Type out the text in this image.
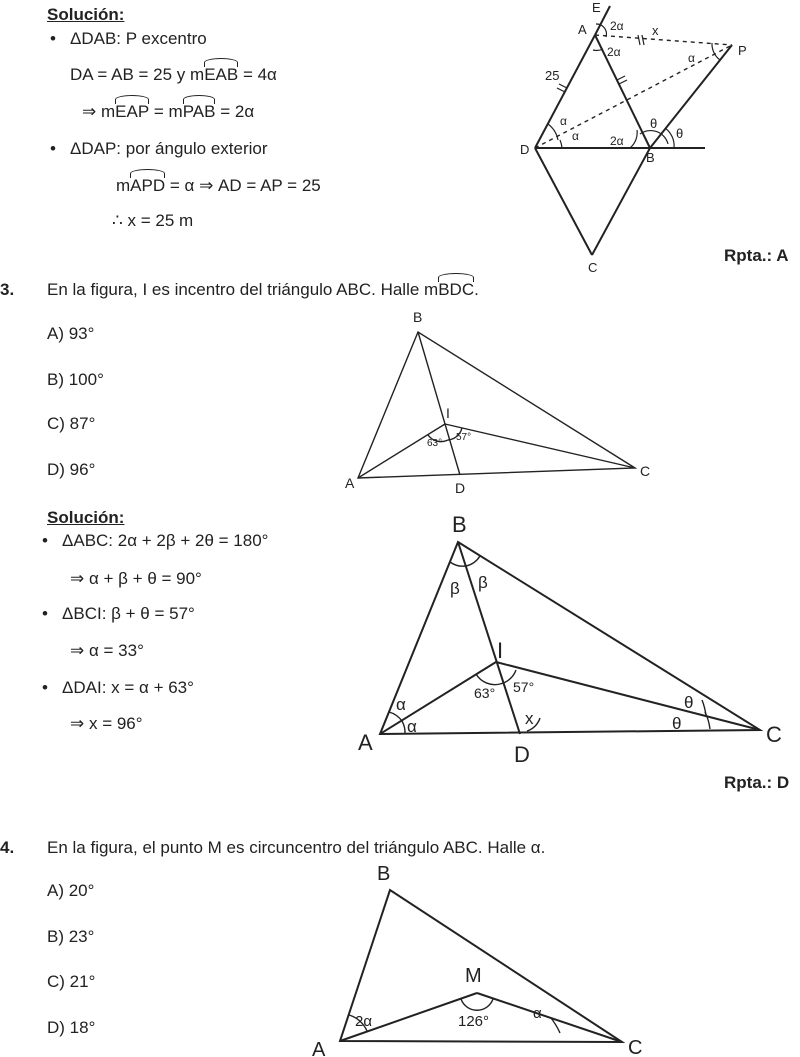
Solución:
• ΔDAB: P excentro
DA = AB = 25 y mEAB = 4α
⇒ mEAP = mPAB = 2α
• ΔDAP: por ángulo exterior
mAPD = α ⇒ AD = AP = 25
∴ x = 25 m
E
A
P
D
B
C
x
25
2α
2α
2α
α
α
α
θ
θ
Rpta.: A
3. En la figura, I es incentro del triángulo ABC. Halle mBDC.
A) 93°
B) 100°
C) 87°
D) 96°
B
I
A	D
C
63°
57°
Solución:
• ΔABC: 2α + 2β + 2θ = 180°
⇒ α + β + θ = 90°
• ΔBCI: β + θ = 57°
⇒ α = 33°
• ΔDAI: x = α + 63°
⇒ x = 96°
B
I
A	D
C
β β
α
α
θ
θ
x
63° 57°
Rpta.: D
4. En la figura, el punto M es circuncentro del triángulo ABC. Halle α.
A) 20°
B) 23°
C) 21°
D) 18°
B
M
A	C
2α	α
126°
